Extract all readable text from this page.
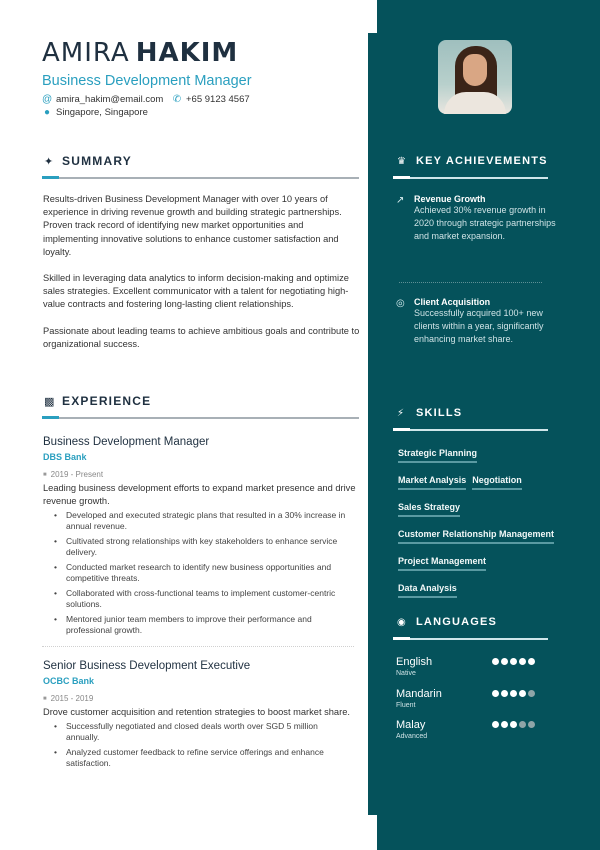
AMIRA HAKIM
Business Development Manager
@ amira_hakim@email.com ✆ +65 9123 4567
● Singapore, Singapore
✦ SUMMARY
Results-driven Business Development Manager with over 10 years of experience in driving revenue growth and building strategic partnerships. Proven track record of identifying new market opportunities and implementing innovative solutions to enhance customer satisfaction and loyalty.
Skilled in leveraging data analytics to inform decision-making and optimize sales strategies. Excellent communicator with a talent for negotiating high-value contracts and fostering long-lasting client relationships.
Passionate about leading teams to achieve ambitious goals and contribute to organizational success.
▩ EXPERIENCE
Business Development Manager
DBS Bank
■ 2019 - Present
Leading business development efforts to expand market presence and drive revenue growth.
• Developed and executed strategic plans that resulted in a 30% increase in annual revenue.
• Cultivated strong relationships with key stakeholders to enhance service delivery.
• Conducted market research to identify new business opportunities and competitive threats.
• Collaborated with cross-functional teams to implement customer-centric solutions.
• Mentored junior team members to improve their performance and professional growth.
Senior Business Development Executive
OCBC Bank
■ 2015 - 2019
Drove customer acquisition and retention strategies to boost market share.
• Successfully negotiated and closed deals worth over SGD 5 million annually.
• Analyzed customer feedback to refine service offerings and enhance satisfaction.
♛ KEY ACHIEVEMENTS
↗ Revenue Growth
Achieved 30% revenue growth in 2020 through strategic partnerships and market expansion.
◎ Client Acquisition
Successfully acquired 100+ new clients within a year, significantly enhancing market share.
⚡ SKILLS
Strategic Planning
Market Analysis Negotiation
Sales Strategy
Customer Relationship Management
Project Management
Data Analysis
◉ LANGUAGES
English
Native
Mandarin
Fluent
Malay
Advanced
